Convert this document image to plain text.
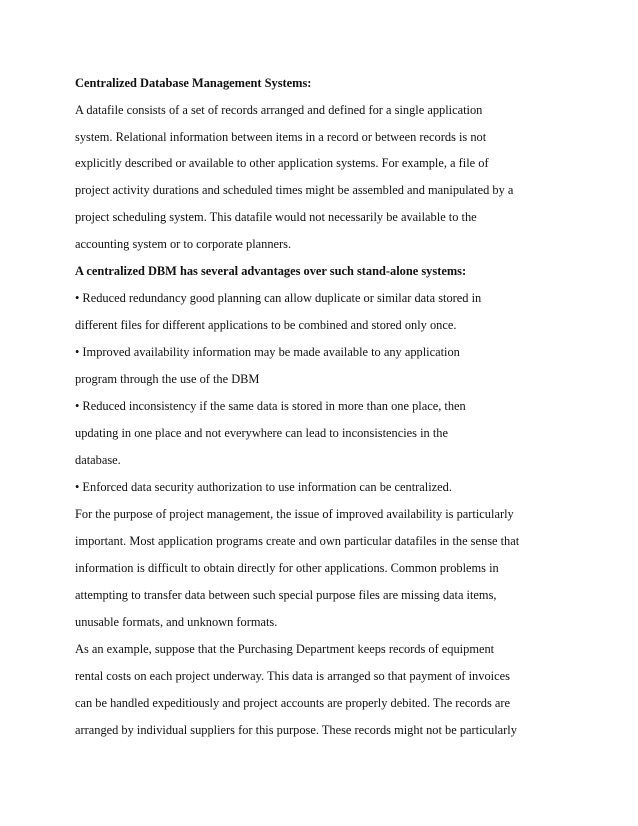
Centralized Database Management Systems:
A datafile consists of a set of records arranged and defined for a single application
system. Relational information between items in a record or between records is not
explicitly described or available to other application systems. For example, a file of
project activity durations and scheduled times might be assembled and manipulated by a
project scheduling system. This datafile would not necessarily be available to the
accounting system or to corporate planners.
A centralized DBM has several advantages over such stand-alone systems:
• Reduced redundancy good planning can allow duplicate or similar data stored in
different files for different applications to be combined and stored only once.
• Improved availability information may be made available to any application
program through the use of the DBM
• Reduced inconsistency if the same data is stored in more than one place, then
updating in one place and not everywhere can lead to inconsistencies in the
database.
• Enforced data security authorization to use information can be centralized.
For the purpose of project management, the issue of improved availability is particularly
important. Most application programs create and own particular datafiles in the sense that
information is difficult to obtain directly for other applications. Common problems in
attempting to transfer data between such special purpose files are missing data items,
unusable formats, and unknown formats.
As an example, suppose that the Purchasing Department keeps records of equipment
rental costs on each project underway. This data is arranged so that payment of invoices
can be handled expeditiously and project accounts are properly debited. The records are
arranged by individual suppliers for this purpose. These records might not be particularly
